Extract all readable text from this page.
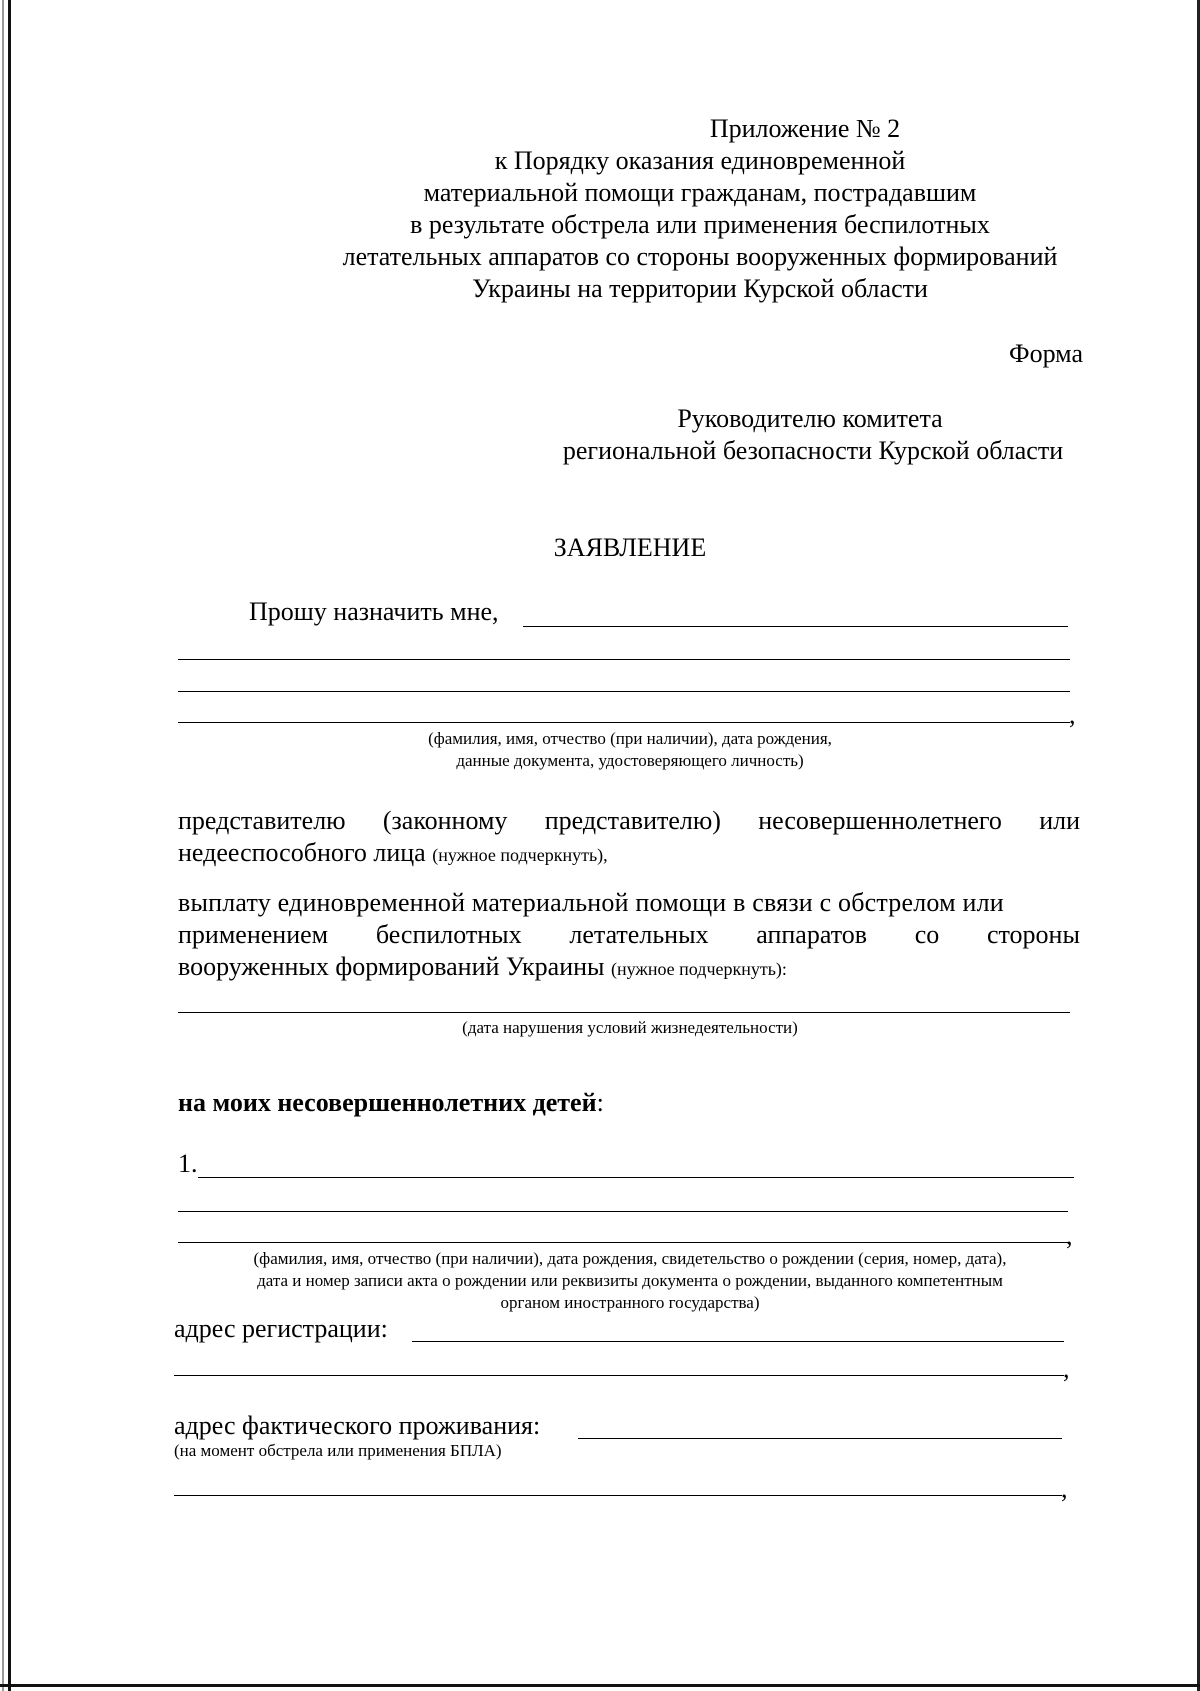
Приложение № 2
к Порядку оказания единовременной
материальной помощи гражданам, пострадавшим
в результате обстрела или применения беспилотных
летательных аппаратов со стороны вооруженных формирований
Украины на территории Курской области
Форма
Руководителю комитета
региональной безопасности Курской области
ЗАЯВЛЕНИЕ
Прошу назначить мне,
,
(фамилия, имя, отчество (при наличии), дата рождения,
данные документа, удостоверяющего личность)
представителю (законному представителю) несовершеннолетнего или
недееспособного лица (нужное подчеркнуть),
выплату единовременной материальной помощи в связи с обстрелом или
применением беспилотных летательных аппаратов со стороны
вооруженных формирований Украины (нужное подчеркнуть):
(дата нарушения условий жизнедеятельности)
на моих несовершеннолетних детей:
1.
,
(фамилия, имя, отчество (при наличии), дата рождения, свидетельство о рождении (серия, номер, дата),
дата и номер записи акта о рождении или реквизиты документа о рождении, выданного компетентным
органом иностранного государства)
адрес регистрации:
,
адрес фактического проживания:
(на момент обстрела или применения БПЛА)
,
